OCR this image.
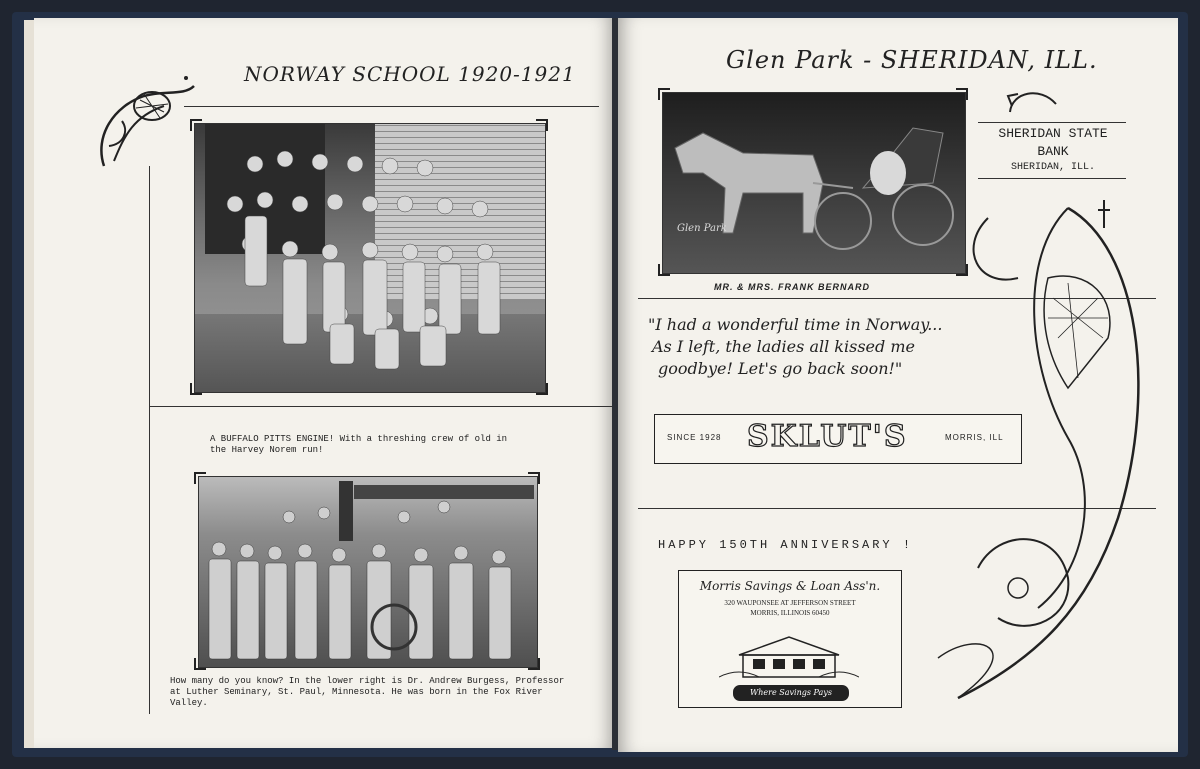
NORWAY SCHOOL 1920-1921
A BUFFALO PITTS ENGINE! With a threshing crew of old in the Harvey Norem run!
How many do you know? In the lower right is Dr. Andrew Burgess, Professor at Luther Seminary, St. Paul, Minnesota. He was born in the Fox River Valley.
Glen Park - SHERIDAN, ILL.
Glen Park
MR. & MRS. FRANK BERNARD
SHERIDAN STATE
BANK
SHERIDAN, ILL.
"I had a wonderful time in Norway...
As I left, the ladies all kissed me
goodbye! Let's go back soon!"
SINCE 1928 SKLUT'S	MORRIS, ILL
HAPPY 150TH ANNIVERSARY !
Morris Savings & Loan Ass'n.
320 WAUPONSEE AT JEFFERSON STREET
MORRIS, ILLINOIS 60450
Where Savings Pays
